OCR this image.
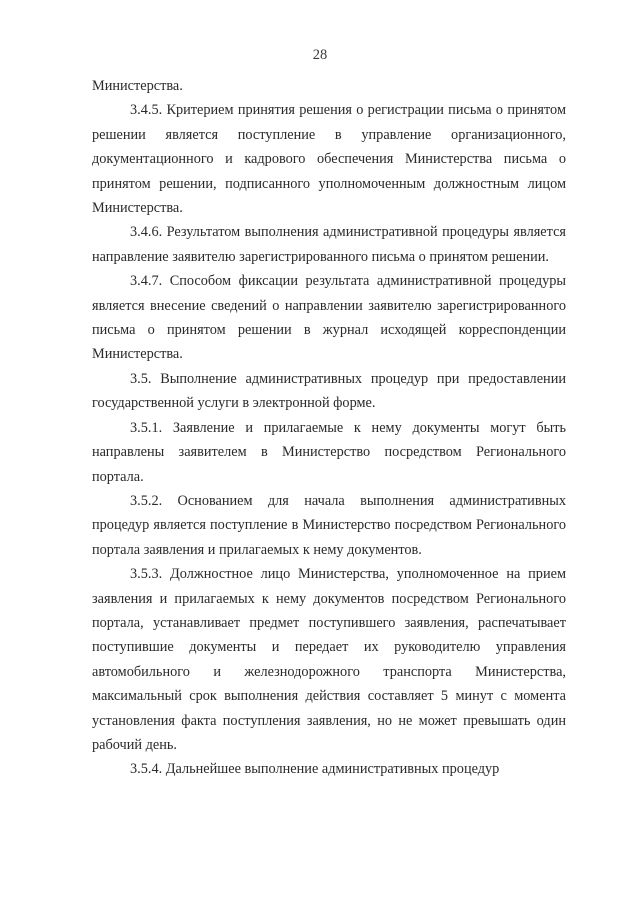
28

Министерства.

3.4.5. Критерием принятия решения о регистрации письма о принятом решении является поступление в управление организационного, документационного и кадрового обеспечения Министерства письма о принятом решении, подписанного уполномоченным должностным лицом Министерства.

3.4.6. Результатом выполнения административной процедуры является направление заявителю зарегистрированного письма о принятом решении.

3.4.7. Способом фиксации результата административной процедуры является внесение сведений о направлении заявителю зарегистрированного письма о принятом решении в журнал исходящей корреспонденции Министерства.

3.5. Выполнение административных процедур при предоставлении государственной услуги в электронной форме.

3.5.1. Заявление и прилагаемые к нему документы могут быть направлены заявителем в Министерство посредством Регионального портала.

3.5.2. Основанием для начала выполнения административных процедур является поступление в Министерство посредством Регионального портала заявления и прилагаемых к нему документов.

3.5.3. Должностное лицо Министерства, уполномоченное на прием заявления и прилагаемых к нему документов посредством Регионального портала, устанавливает предмет поступившего заявления, распечатывает поступившие документы и передает их руководителю управления автомобильного и железнодорожного транспорта Министерства, максимальный срок выполнения действия составляет 5 минут с момента установления факта поступления заявления, но не может превышать один рабочий день.

3.5.4. Дальнейшее выполнение административных процедур
